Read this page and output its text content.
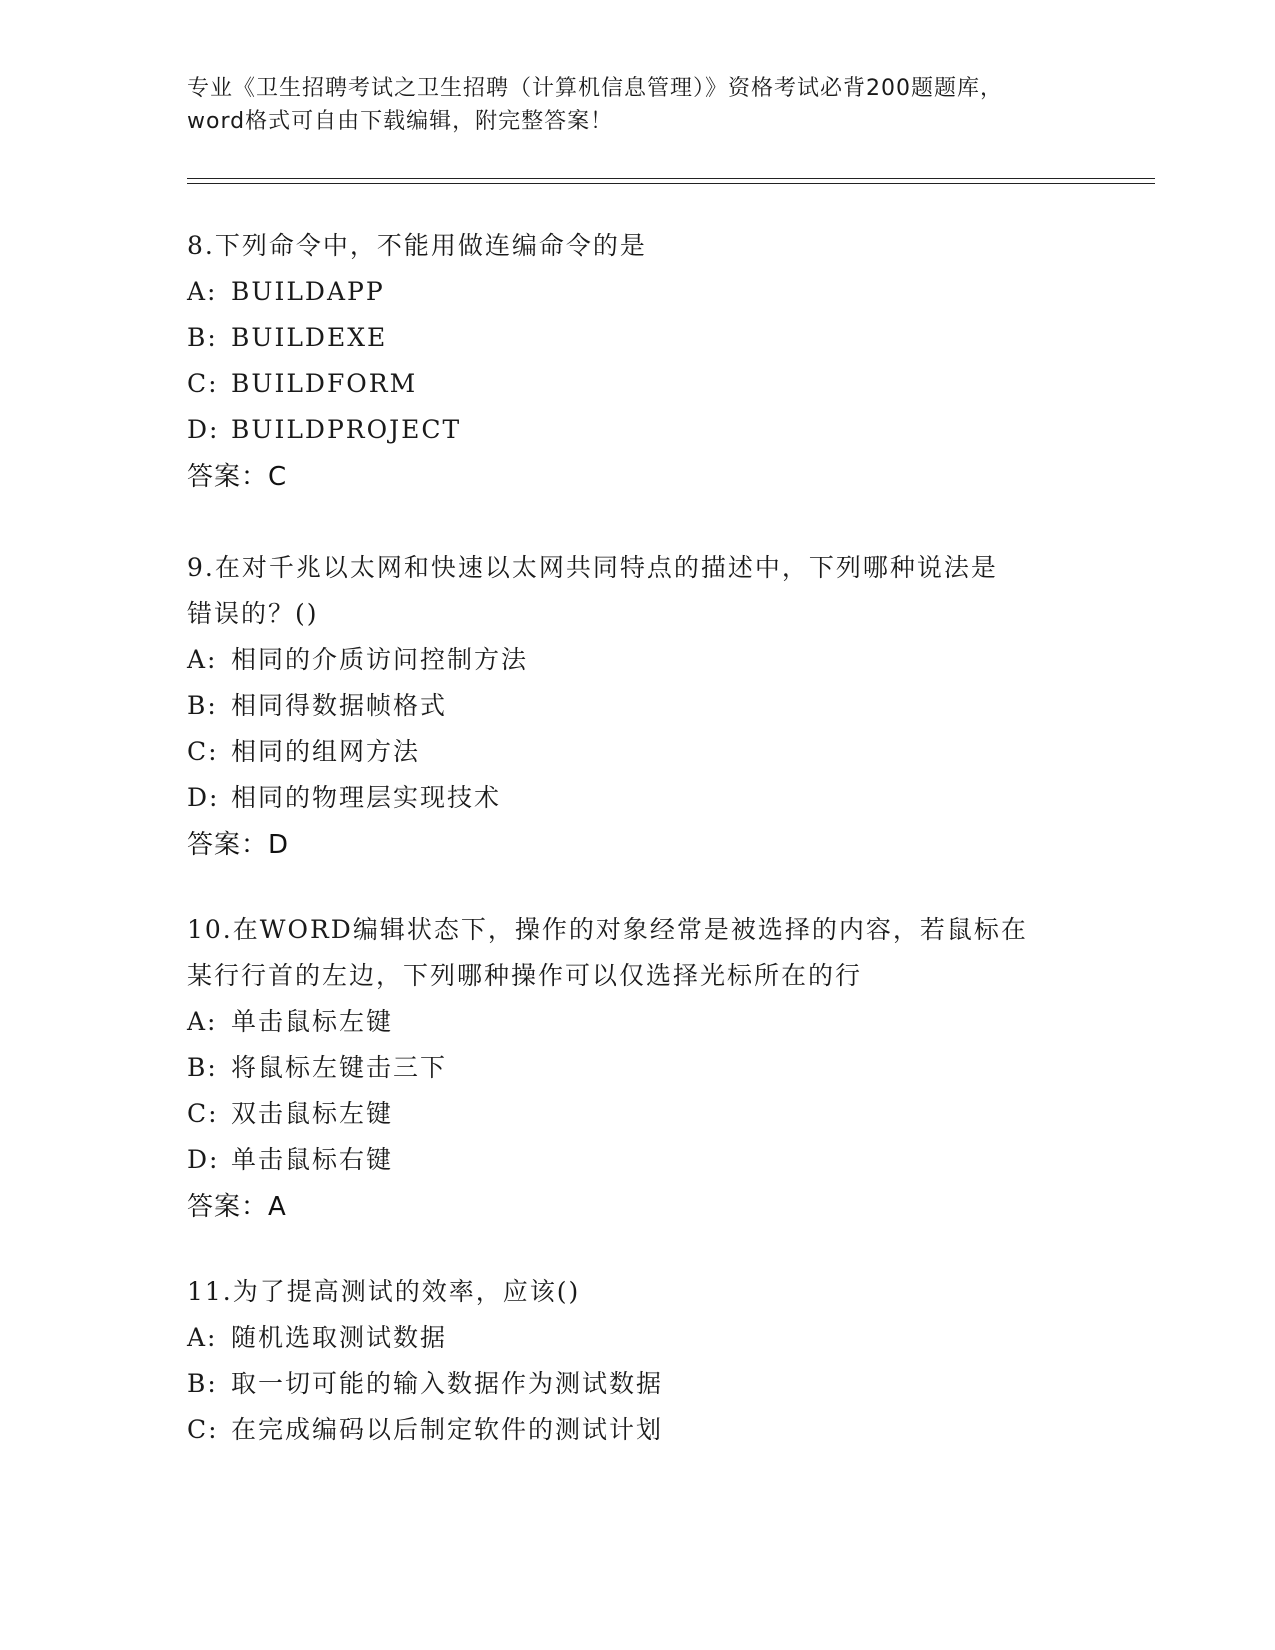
专业《卫生招聘考试之卫生招聘（计算机信息管理）》资格考试必背200题题库，
word格式可自由下载编辑，附完整答案！
8.下列命令中，不能用做连编命令的是
A: BUILDAPP
B: BUILDEXE
C: BUILDFORM
D: BUILDPROJECT
答案：C
9.在对千兆以太网和快速以太网共同特点的描述中，下列哪种说法是
错误的？()
A: 相同的介质访问控制方法
B: 相同得数据帧格式
C: 相同的组网方法
D: 相同的物理层实现技术
答案：D
10.在WORD编辑状态下，操作的对象经常是被选择的内容，若鼠标在
某行行首的左边，下列哪种操作可以仅选择光标所在的行
A: 单击鼠标左键
B: 将鼠标左键击三下
C: 双击鼠标左键
D: 单击鼠标右键
答案：A
11.为了提高测试的效率，应该()
A: 随机选取测试数据
B: 取一切可能的输入数据作为测试数据
C: 在完成编码以后制定软件的测试计划
